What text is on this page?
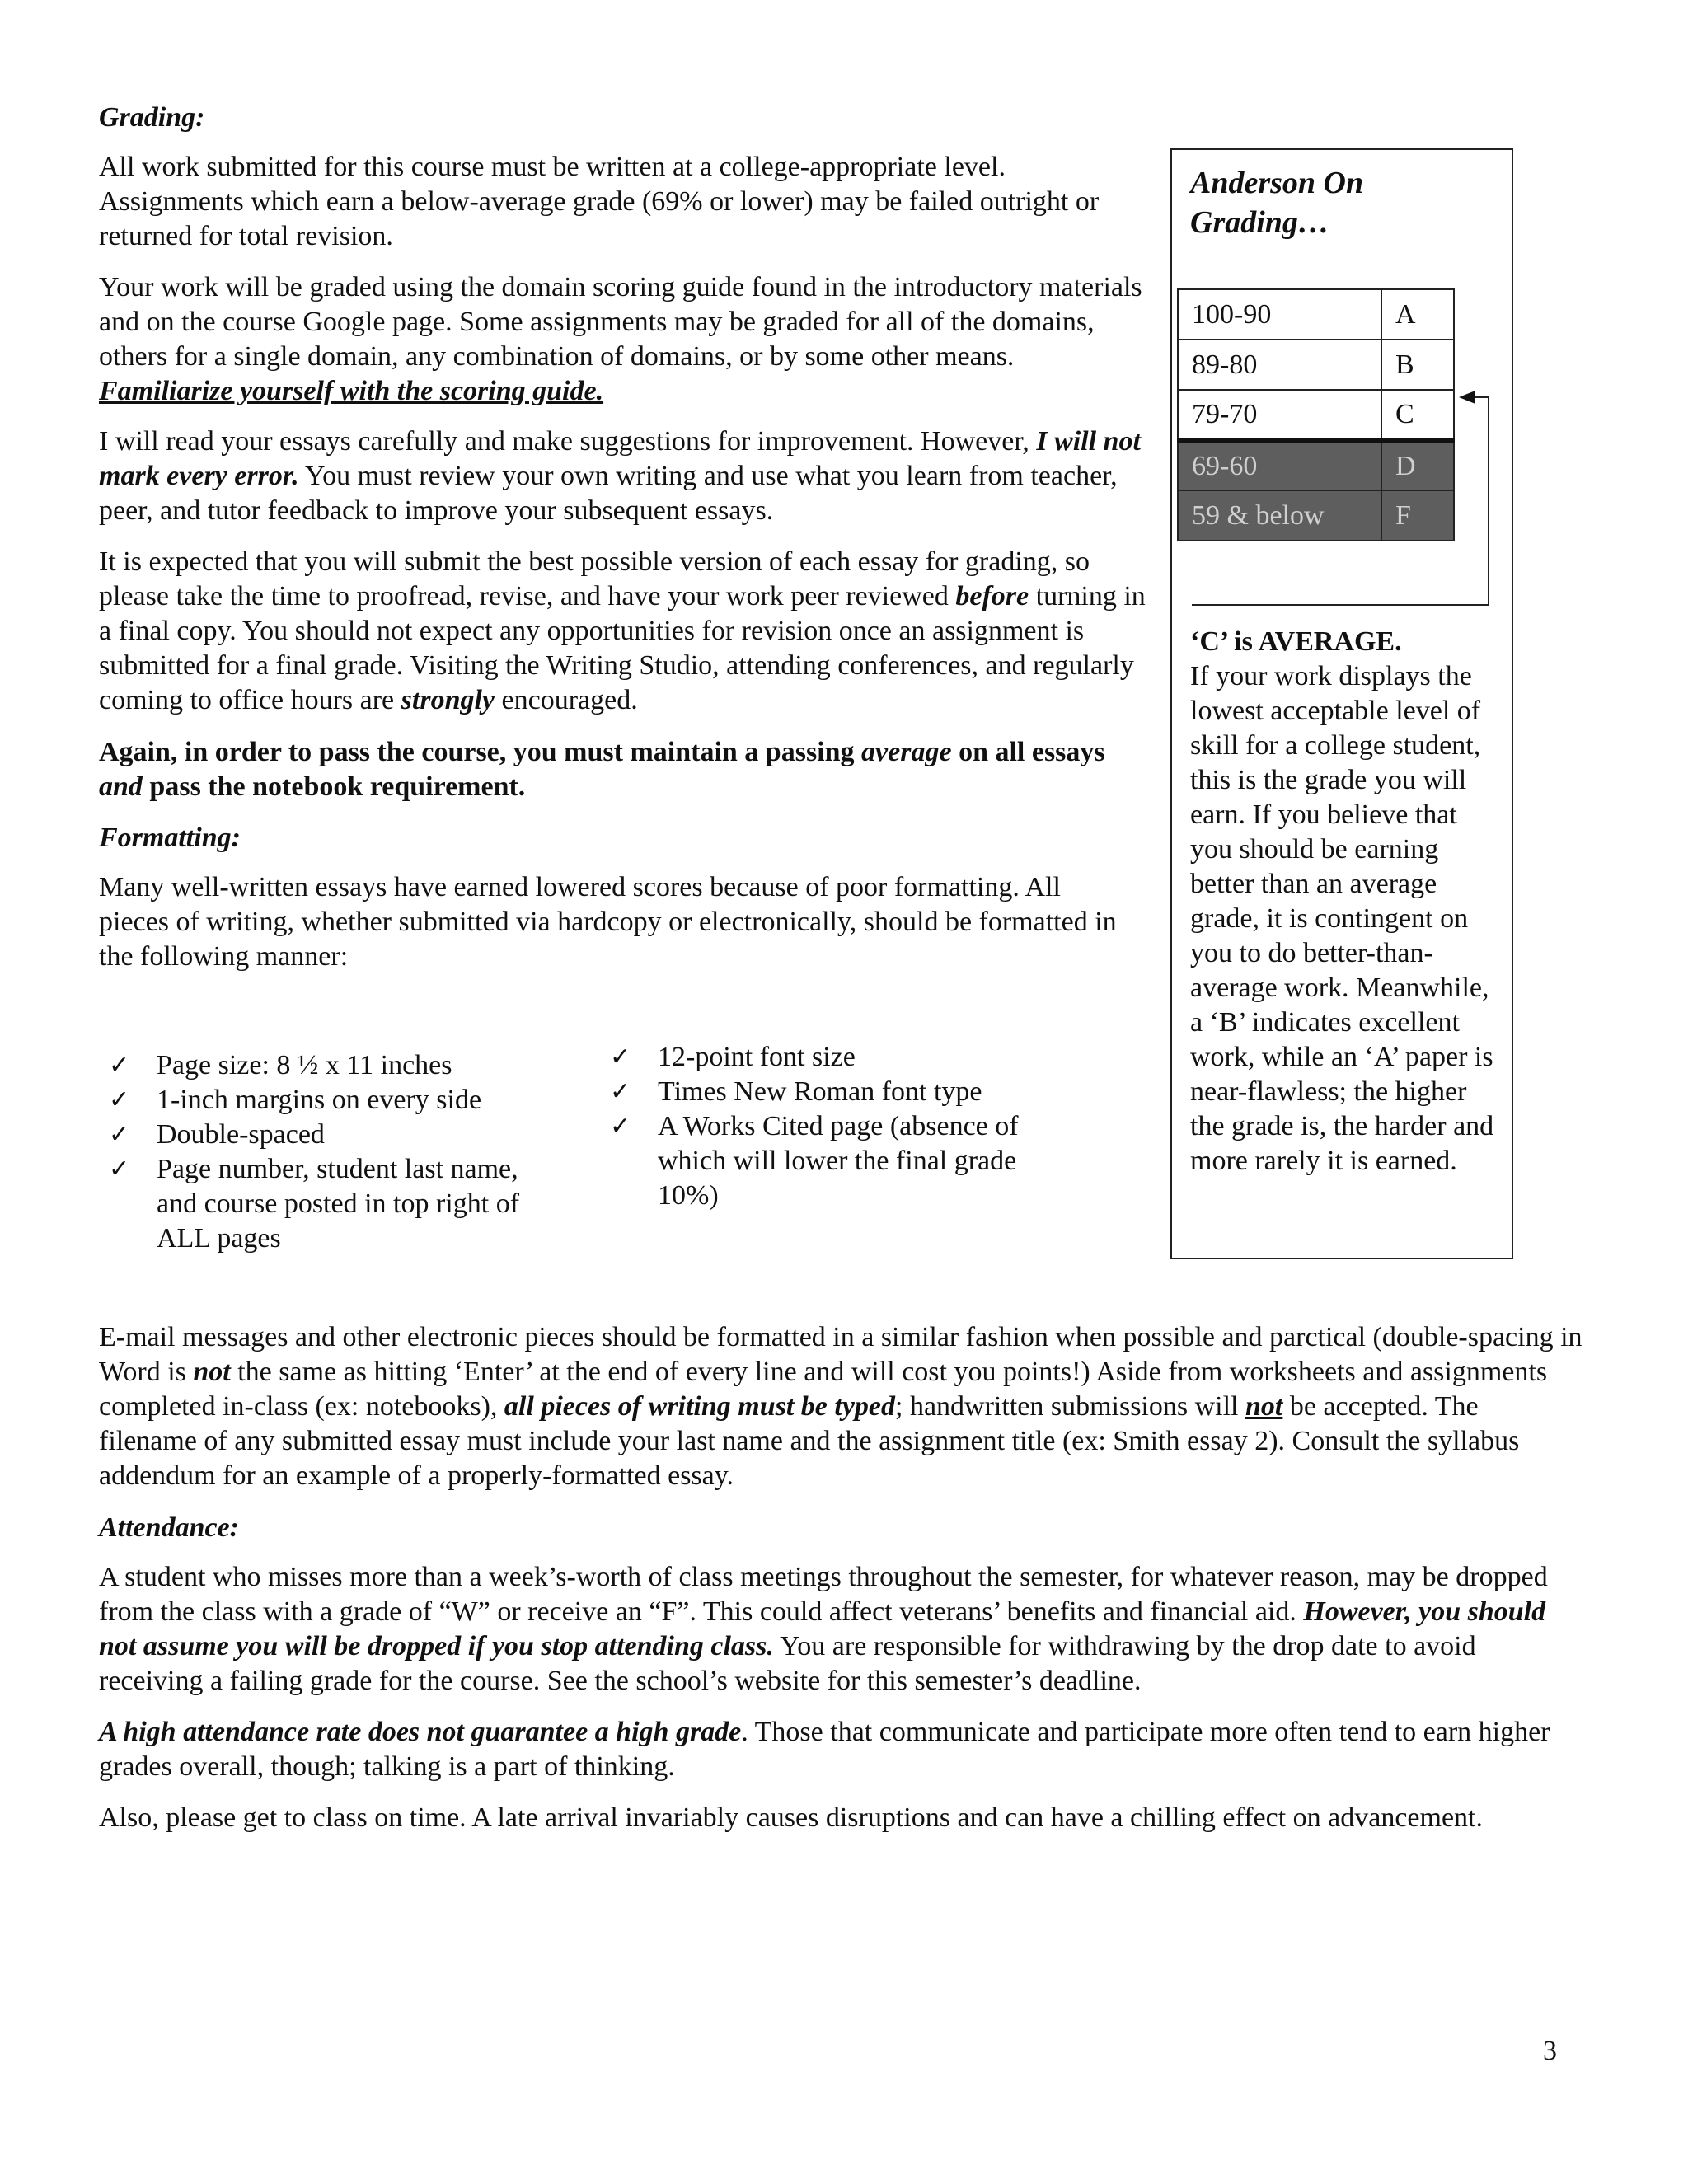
Grading:

All work submitted for this course must be written at a college-appropriate level. Assignments which earn a below-average grade (69% or lower) may be failed outright or returned for total revision.

Your work will be graded using the domain scoring guide found in the introductory materials and on the course Google page. Some assignments may be graded for all of the domains, others for a single domain, any combination of domains, or by some other means. Familiarize yourself with the scoring guide.

I will read your essays carefully and make suggestions for improvement. However, I will not mark every error. You must review your own writing and use what you learn from teacher, peer, and tutor feedback to improve your subsequent essays.

It is expected that you will submit the best possible version of each essay for grading, so please take the time to proofread, revise, and have your work peer reviewed before turning in a final copy. You should not expect any opportunities for revision once an assignment is submitted for a final grade. Visiting the Writing Studio, attending conferences, and regularly coming to office hours are strongly encouraged.

Again, in order to pass the course, you must maintain a passing average on all essays and pass the notebook requirement.

Formatting:

Many well-written essays have earned lowered scores because of poor formatting. All pieces of writing, whether submitted via hardcopy or electronically, should be formatted in the following manner:

✓ Page size: 8 ½ x 11 inches
✓ 1-inch margins on every side
✓ Double-spaced
✓ Page number, student last name, and course posted in top right of ALL pages
✓ 12-point font size
✓ Times New Roman font type
✓ A Works Cited page (absence of which will lower the final grade 10%)

E-mail messages and other electronic pieces should be formatted in a similar fashion when possible and parctical (double-spacing in Word is not the same as hitting ‘Enter’ at the end of every line and will cost you points!) Aside from worksheets and assignments completed in-class (ex: notebooks), all pieces of writing must be typed; handwritten submissions will not be accepted. The filename of any submitted essay must include your last name and the assignment title (ex: Smith essay 2). Consult the syllabus addendum for an example of a properly-formatted essay.

Attendance:

A student who misses more than a week’s-worth of class meetings throughout the semester, for whatever reason, may be dropped from the class with a grade of “W” or receive an “F”. This could affect veterans’ benefits and financial aid. However, you should not assume you will be dropped if you stop attending class. You are responsible for withdrawing by the drop date to avoid receiving a failing grade for the course. See the school’s website for this semester’s deadline.

A high attendance rate does not guarantee a high grade. Those that communicate and participate more often tend to earn higher grades overall, though; talking is a part of thinking.

Also, please get to class on time. A late arrival invariably causes disruptions and can have a chilling effect on advancement.

Anderson On Grading…
100-90	A
89-80	B
79-70	C
69-60	D
59 & below	F
‘C’ is AVERAGE.
If your work displays the lowest acceptable level of skill for a college student, this is the grade you will earn. If you believe that you should be earning better than an average grade, it is contingent on you to do better-than-average work. Meanwhile, a ‘B’ indicates excellent work, while an ‘A’ paper is near-flawless; the higher the grade is, the harder and more rarely it is earned.
3
